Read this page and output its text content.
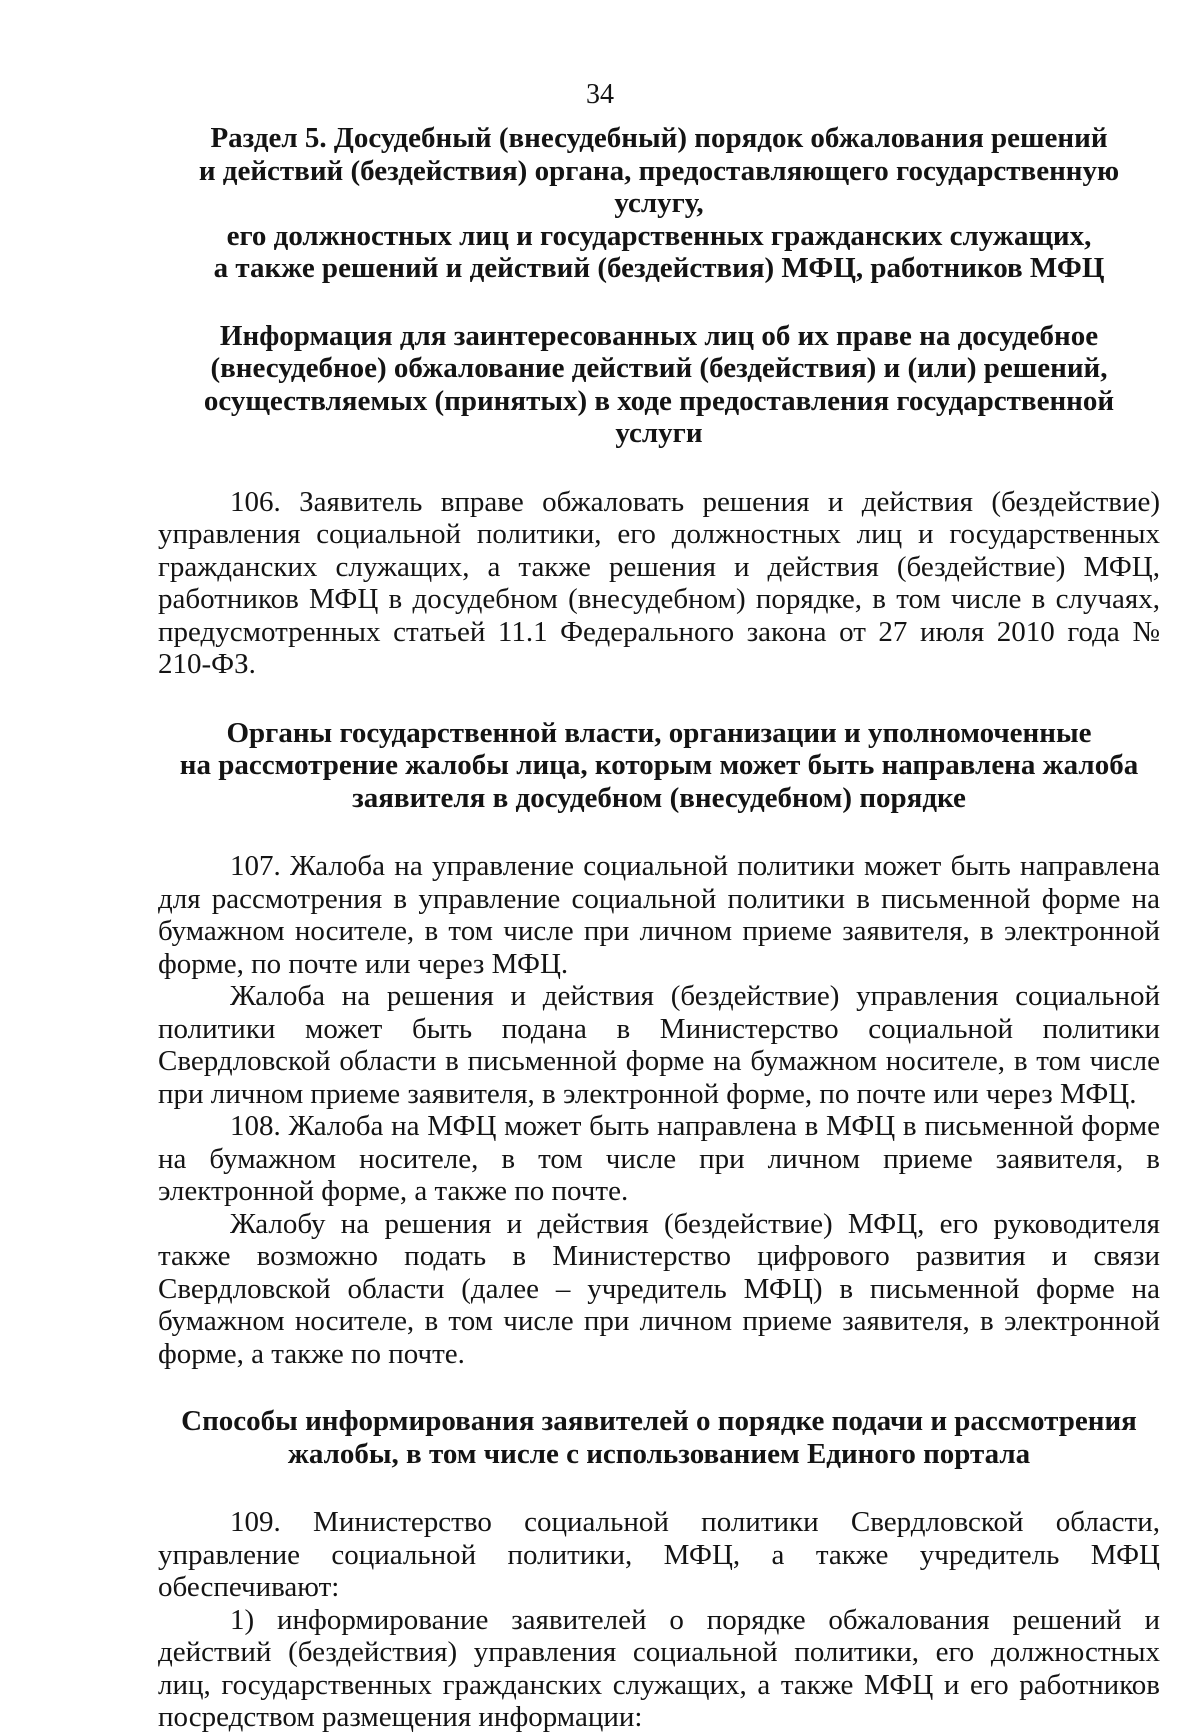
34
Раздел 5. Досудебный (внесудебный) порядок обжалования решений
и действий (бездействия) органа, предоставляющего государственную услугу,
его должностных лиц и государственных гражданских служащих,
а также решений и действий (бездействия) МФЦ, работников МФЦ
Информация для заинтересованных лиц об их праве на досудебное
(внесудебное) обжалование действий (бездействия) и (или) решений,
осуществляемых (принятых) в ходе предоставления государственной услуги

106. Заявитель вправе обжаловать решения и действия (бездействие) управления социальной политики, его должностных лиц и государственных гражданских служащих, а также решения и действия (бездействие) МФЦ, работников МФЦ в досудебном (внесудебном) порядке, в том числе в случаях, предусмотренных статьей 11.1 Федерального закона от 27 июля 2010 года № 210-ФЗ.

Органы государственной власти, организации и уполномоченные
на рассмотрение жалобы лица, которым может быть направлена жалоба
заявителя в досудебном (внесудебном) порядке

107. Жалоба на управление социальной политики может быть направлена для рассмотрения в управление социальной политики в письменной форме на бумажном носителе, в том числе при личном приеме заявителя, в электронной форме, по почте или через МФЦ.

Жалоба на решения и действия (бездействие) управления социальной политики может быть подана в Министерство социальной политики Свердловской области в письменной форме на бумажном носителе, в том числе при личном приеме заявителя, в электронной форме, по почте или через МФЦ.

108. Жалоба на МФЦ может быть направлена в МФЦ в письменной форме на бумажном носителе, в том числе при личном приеме заявителя, в электронной форме, а также по почте.

Жалобу на решения и действия (бездействие) МФЦ, его руководителя также возможно подать в Министерство цифрового развития и связи Свердловской области (далее – учредитель МФЦ) в письменной форме на бумажном носителе, в том числе при личном приеме заявителя, в электронной форме, а также по почте.

Способы информирования заявителей о порядке подачи и рассмотрения
жалобы, в том числе с использованием Единого портала

109. Министерство социальной политики Свердловской области, управление социальной политики, МФЦ, а также учредитель МФЦ обеспечивают:

1) информирование заявителей о порядке обжалования решений и действий (бездействия) управления социальной политики, его должностных лиц, государственных гражданских служащих, а также МФЦ и его работников посредством размещения информации:
